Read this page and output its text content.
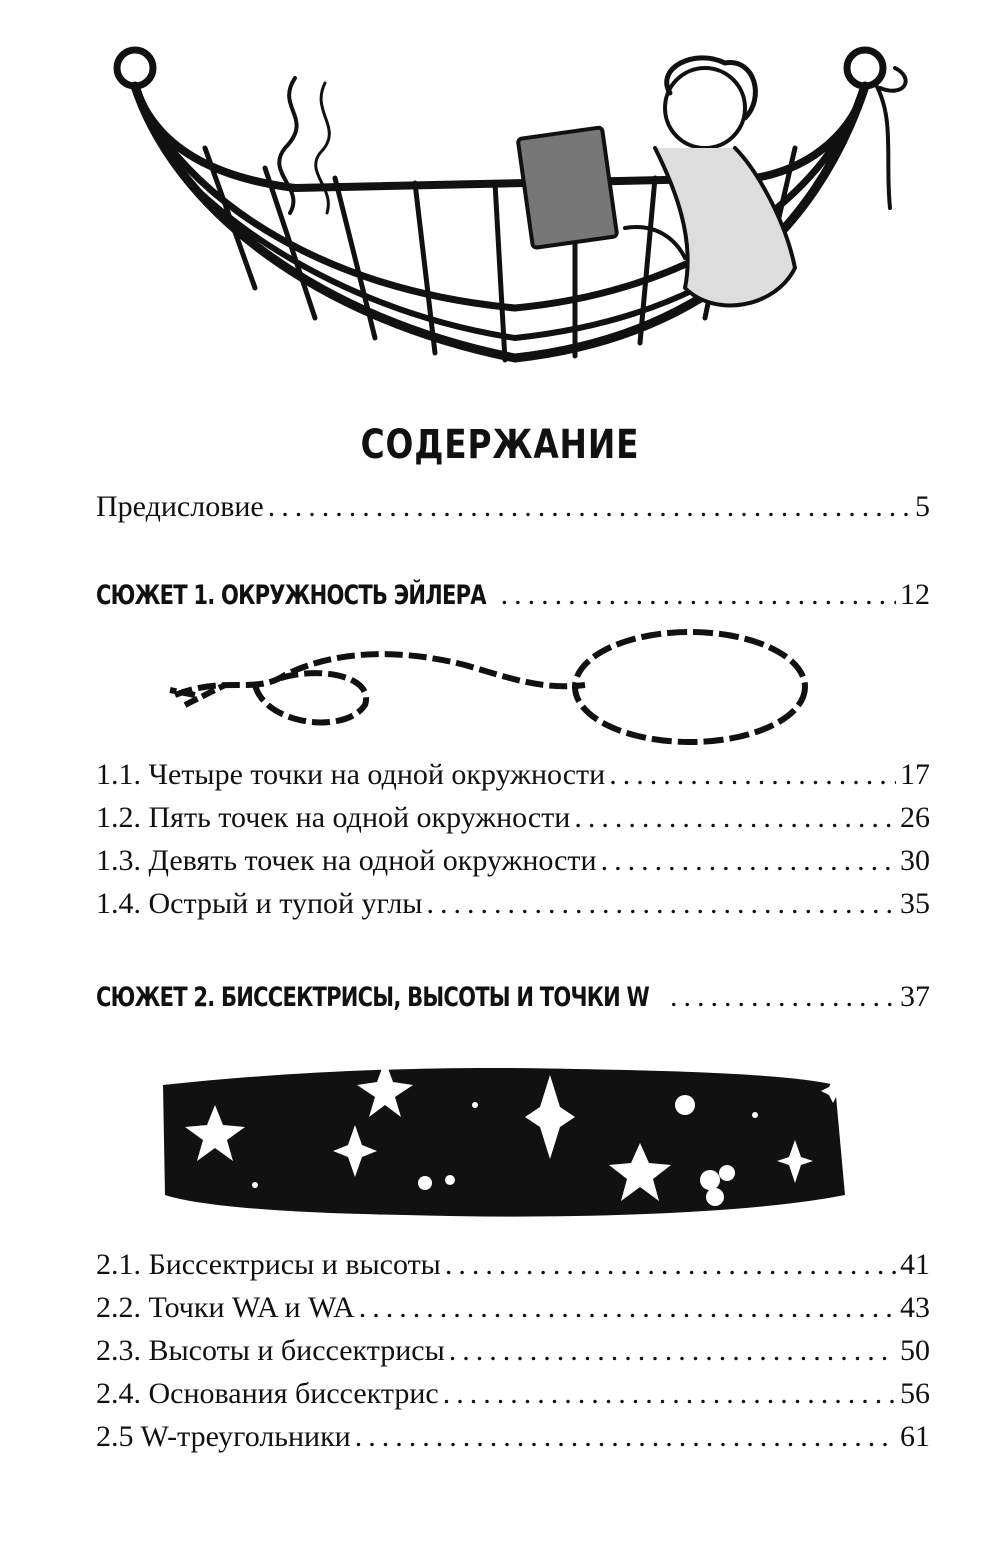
СОДЕРЖАНИЕ
Предисловие .....	5
СЮЖЕТ 1. ОКРУЖНОСТЬ ЭЙЛЕРА .....	12
1.1. Четыре точки на одной окружности .....	17
1.2. Пять точек на одной окружности .....	26
1.3. Девять точек на одной окружности .....	30
1.4. Острый и тупой углы .....	35
СЮЖЕТ 2. БИССЕКТРИСЫ, ВЫСОТЫ И ТОЧКИ W .....	37
2.1. Биссектрисы и высоты .....	41
2.2. Точки WA и WA .....	43
2.3. Высоты и биссектрисы .....	50
2.4. Основания биссектрис .....	56
2.5 W-треугольники .....	61
